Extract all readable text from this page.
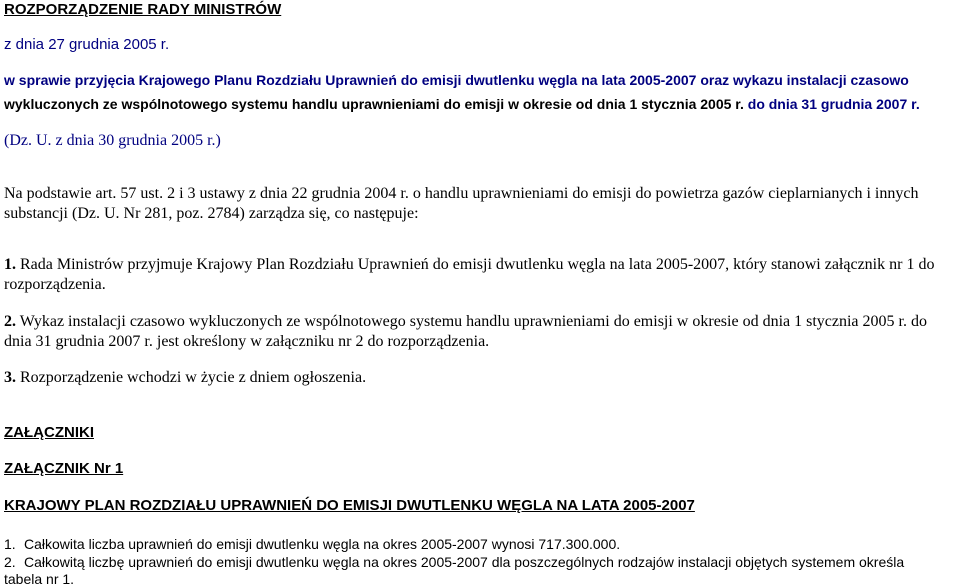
ROZPORZĄDZENIE RADY MINISTRÓW
z dnia 27 grudnia 2005 r.
w sprawie przyjęcia Krajowego Planu Rozdziału Uprawnień do emisji dwutlenku węgla na lata 2005-2007 oraz wykazu instalacji czasowo
wykluczonych ze wspólnotowego systemu handlu uprawnieniami do emisji w okresie od dnia 1 stycznia 2005 r. do dnia 31 grudnia 2007 r.
(Dz. U. z dnia 30 grudnia 2005 r.)
Na podstawie art. 57 ust. 2 i 3 ustawy z dnia 22 grudnia 2004 r. o handlu uprawnieniami do emisji do powietrza gazów cieplarnianych i innych
substancji (Dz. U. Nr 281, poz. 2784) zarządza się, co następuje:
1. Rada Ministrów przyjmuje Krajowy Plan Rozdziału Uprawnień do emisji dwutlenku węgla na lata 2005-2007, który stanowi załącznik nr 1 do
rozporządzenia.
2. Wykaz instalacji czasowo wykluczonych ze wspólnotowego systemu handlu uprawnieniami do emisji w okresie od dnia 1 stycznia 2005 r. do
dnia 31 grudnia 2007 r. jest określony w załączniku nr 2 do rozporządzenia.
3. Rozporządzenie wchodzi w życie z dniem ogłoszenia.
ZAŁĄCZNIKI
ZAŁĄCZNIK Nr 1
KRAJOWY PLAN ROZDZIAŁU UPRAWNIEŃ DO EMISJI DWUTLENKU WĘGLA NA LATA 2005-2007
1. Całkowita liczba uprawnień do emisji dwutlenku węgla na okres 2005-2007 wynosi 717.300.000.
2. Całkowitą liczbę uprawnień do emisji dwutlenku węgla na okres 2005-2007 dla poszczególnych rodzajów instalacji objętych systemem określa
tabela nr 1.
